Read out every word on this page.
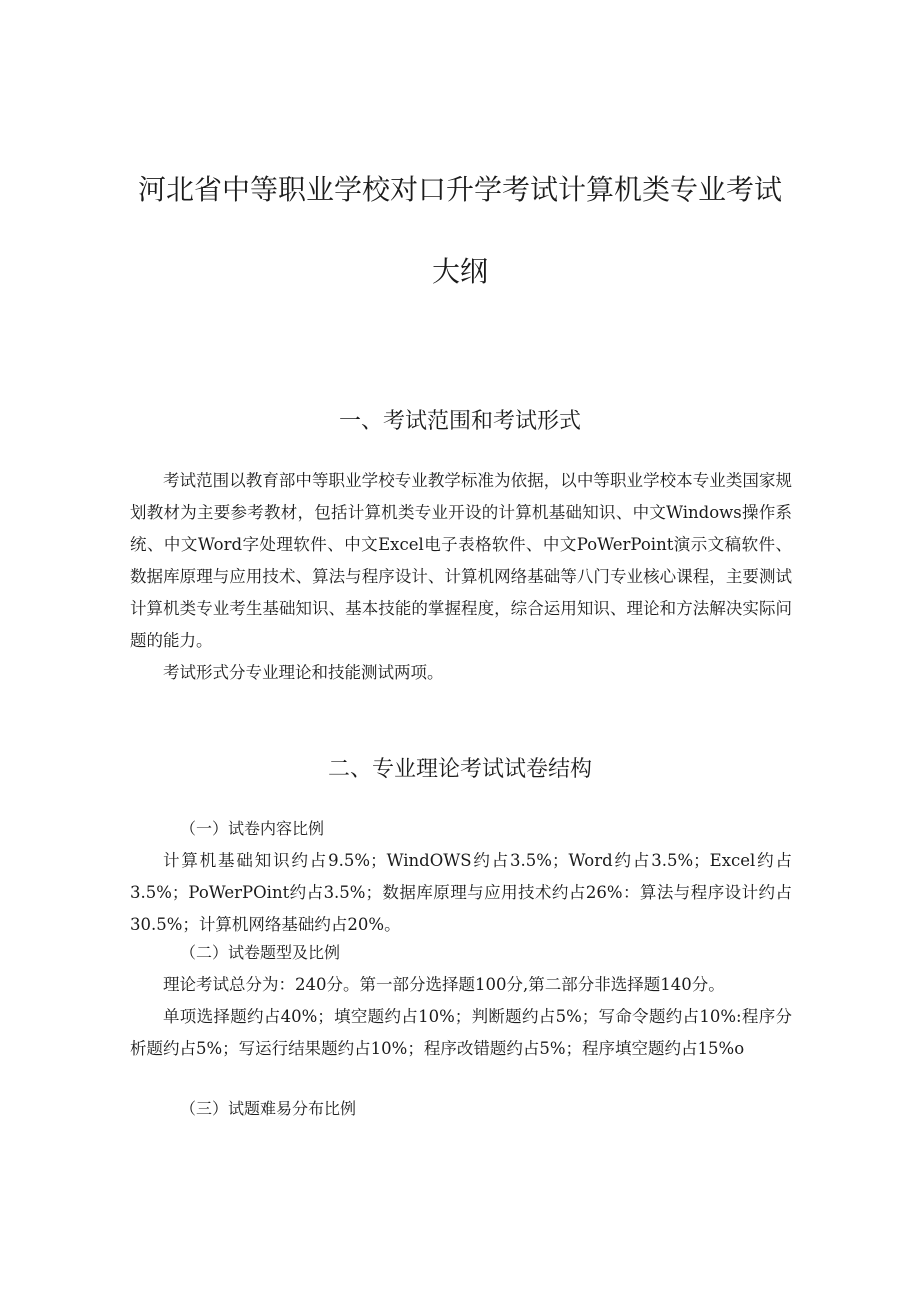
河北省中等职业学校对口升学考试计算机类专业考试
大纲
一、考试范围和考试形式

考试范围以教育部中等职业学校专业教学标准为依据，以中等职业学校本专业类国家规划教材为主要参考教材，包括计算机类专业开设的计算机基础知识、中文Windows操作系统、中文Word字处理软件、中文Excel电子表格软件、中文PoWerPoint演示文稿软件、数据库原理与应用技术、算法与程序设计、计算机网络基础等八门专业核心课程，主要测试计算机类专业考生基础知识、基本技能的掌握程度，综合运用知识、理论和方法解决实际问题的能力。

考试形式分专业理论和技能测试两项。

二、专业理论考试试卷结构
（一）试卷内容比例

计算机基础知识约占9.5%；WindOWS约占3.5%；Word约占3.5%；Excel约占3.5%；PoWerPOint约占3.5%；数据库原理与应用技术约占26%：算法与程序设计约占30.5%；计算机网络基础约占20%。

（二）试卷题型及比例

理论考试总分为：240分。第一部分选择题100分,第二部分非选择题140分。

单项选择题约占40%；填空题约占10%；判断题约占5%；写命令题约占10%:程序分析题约占5%；写运行结果题约占10%；程序改错题约占5%；程序填空题约占15%o

（三）试题难易分布比例
